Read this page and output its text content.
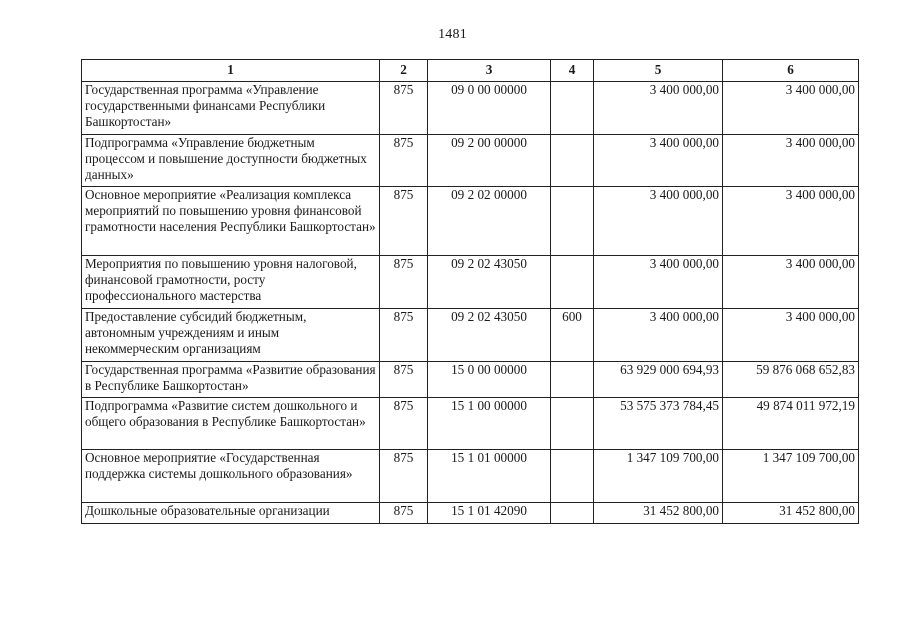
1481
1	2	3	4	5	6
Государственная программа «Управление государственными финансами Республики Башкортостан»	875	09 0 00 00000		3 400 000,00	3 400 000,00
Подпрограмма «Управление бюджетным процессом и повышение доступности бюджетных данных»	875	09 2 00 00000		3 400 000,00	3 400 000,00
Основное мероприятие «Реализация комплекса мероприятий по повышению уровня финансовой грамотности населения Республики Башкортостан»	875	09 2 02 00000		3 400 000,00	3 400 000,00
Мероприятия по повышению уровня налоговой, финансовой грамотности, росту профессионального мастерства	875	09 2 02 43050		3 400 000,00	3 400 000,00
Предоставление субсидий бюджетным, автономным учреждениям и иным некоммерческим организациям	875	09 2 02 43050	600	3 400 000,00	3 400 000,00
Государственная программа «Развитие образования в Республике Башкортостан»	875	15 0 00 00000		63 929 000 694,93	59 876 068 652,83
Подпрограмма «Развитие систем дошкольного и общего образования в Республике Башкортостан»	875	15 1 00 00000		53 575 373 784,45	49 874 011 972,19
Основное мероприятие «Государственная поддержка системы дошкольного образования»	875	15 1 01 00000		1 347 109 700,00	1 347 109 700,00
Дошкольные образовательные организации	875	15 1 01 42090		31 452 800,00	31 452 800,00
